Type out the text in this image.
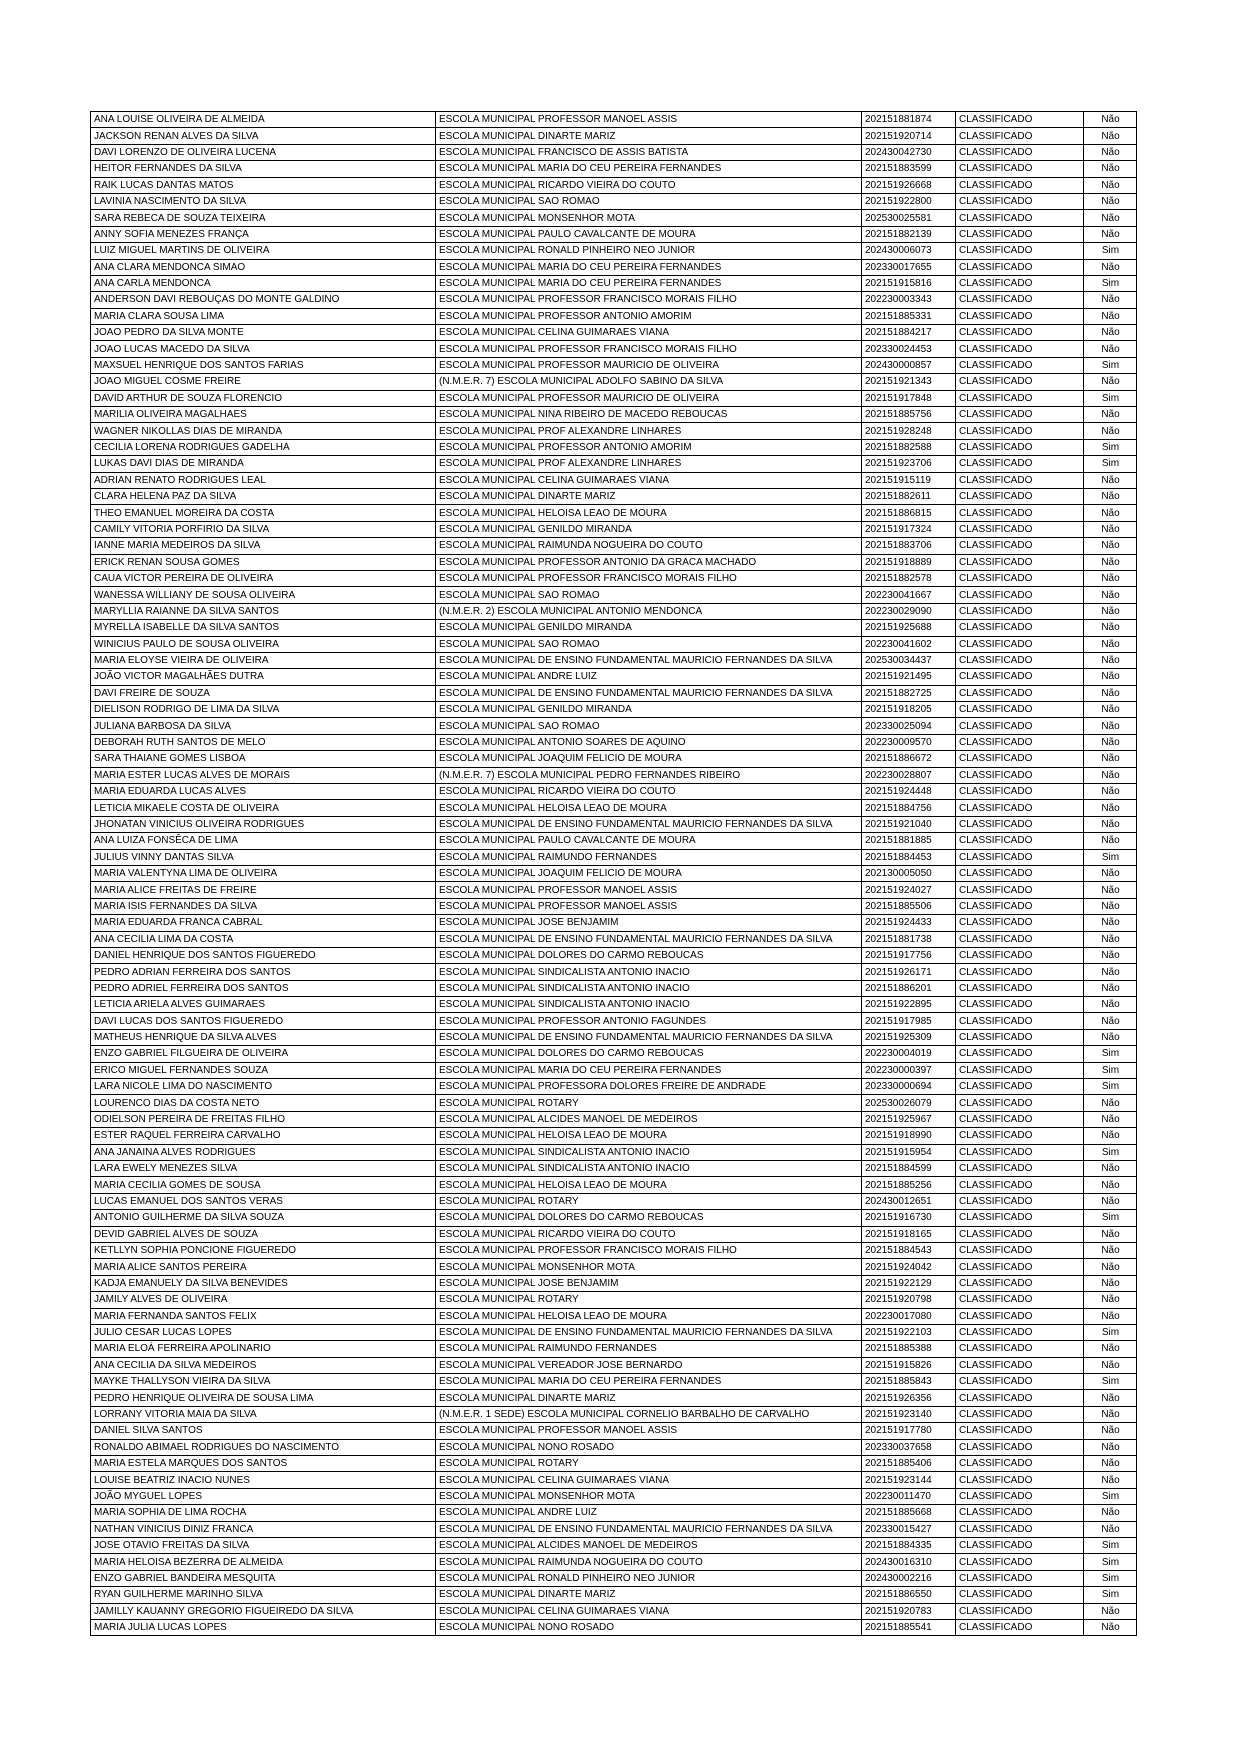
ANA LOUISE OLIVEIRA DE ALMEIDA	ESCOLA MUNICIPAL PROFESSOR MANOEL ASSIS	202151881874	CLASSIFICADO	Não
JACKSON RENAN ALVES DA SILVA	ESCOLA MUNICIPAL DINARTE MARIZ	202151920714	CLASSIFICADO	Não
DAVI LORENZO DE OLIVEIRA LUCENA	ESCOLA MUNICIPAL FRANCISCO DE ASSIS BATISTA	202430042730	CLASSIFICADO	Não
HEITOR FERNANDES DA SILVA	ESCOLA MUNICIPAL MARIA DO CEU PEREIRA FERNANDES	202151883599	CLASSIFICADO	Não
RAIK LUCAS DANTAS MATOS	ESCOLA MUNICIPAL RICARDO VIEIRA DO COUTO	202151926668	CLASSIFICADO	Não
LAVINIA NASCIMENTO DA SILVA	ESCOLA MUNICIPAL SAO ROMAO	202151922800	CLASSIFICADO	Não
SARA REBECA DE SOUZA TEIXEIRA	ESCOLA MUNICIPAL MONSENHOR MOTA	202530025581	CLASSIFICADO	Não
ANNY SOFIA MENEZES FRANÇA	ESCOLA MUNICIPAL PAULO CAVALCANTE DE MOURA	202151882139	CLASSIFICADO	Não
LUIZ MIGUEL MARTINS DE OLIVEIRA	ESCOLA MUNICIPAL RONALD PINHEIRO NEO JUNIOR	202430006073	CLASSIFICADO	Sim
ANA CLARA MENDONCA SIMAO	ESCOLA MUNICIPAL MARIA DO CEU PEREIRA FERNANDES	202330017655	CLASSIFICADO	Não
ANA CARLA MENDONCA	ESCOLA MUNICIPAL MARIA DO CEU PEREIRA FERNANDES	202151915816	CLASSIFICADO	Sim
ANDERSON DAVI REBOUÇAS DO MONTE GALDINO	ESCOLA MUNICIPAL PROFESSOR FRANCISCO MORAIS FILHO	202230003343	CLASSIFICADO	Não
MARIA CLARA SOUSA LIMA	ESCOLA MUNICIPAL PROFESSOR ANTONIO AMORIM	202151885331	CLASSIFICADO	Não
JOAO PEDRO DA SILVA MONTE	ESCOLA MUNICIPAL CELINA GUIMARAES VIANA	202151884217	CLASSIFICADO	Não
JOAO LUCAS MACEDO DA SILVA	ESCOLA MUNICIPAL PROFESSOR FRANCISCO MORAIS FILHO	202330024453	CLASSIFICADO	Não
MAXSUEL HENRIQUE DOS SANTOS FARIAS	ESCOLA MUNICIPAL PROFESSOR MAURICIO DE OLIVEIRA	202430000857	CLASSIFICADO	Sim
JOAO MIGUEL COSME FREIRE	(N.M.E.R. 7) ESCOLA MUNICIPAL ADOLFO SABINO DA SILVA	202151921343	CLASSIFICADO	Não
DAVID ARTHUR DE SOUZA FLORENCIO	ESCOLA MUNICIPAL PROFESSOR MAURICIO DE OLIVEIRA	202151917848	CLASSIFICADO	Sim
MARILIA OLIVEIRA MAGALHAES	ESCOLA MUNICIPAL NINA RIBEIRO DE MACEDO REBOUCAS	202151885756	CLASSIFICADO	Não
WAGNER NIKOLLAS DIAS DE MIRANDA	ESCOLA MUNICIPAL PROF ALEXANDRE LINHARES	202151928248	CLASSIFICADO	Não
CECILIA LORENA RODRIGUES GADELHA	ESCOLA MUNICIPAL PROFESSOR ANTONIO AMORIM	202151882588	CLASSIFICADO	Sim
LUKAS DAVI DIAS DE MIRANDA	ESCOLA MUNICIPAL PROF ALEXANDRE LINHARES	202151923706	CLASSIFICADO	Sim
ADRIAN RENATO RODRIGUES LEAL	ESCOLA MUNICIPAL CELINA GUIMARAES VIANA	202151915119	CLASSIFICADO	Não
CLARA HELENA PAZ DA SILVA	ESCOLA MUNICIPAL DINARTE MARIZ	202151882611	CLASSIFICADO	Não
THEO EMANUEL MOREIRA DA COSTA	ESCOLA MUNICIPAL HELOISA LEAO DE MOURA	202151886815	CLASSIFICADO	Não
CAMILY VITORIA PORFIRIO DA SILVA	ESCOLA MUNICIPAL GENILDO MIRANDA	202151917324	CLASSIFICADO	Não
IANNE MARIA MEDEIROS DA SILVA	ESCOLA MUNICIPAL RAIMUNDA NOGUEIRA DO COUTO	202151883706	CLASSIFICADO	Não
ERICK RENAN SOUSA GOMES	ESCOLA MUNICIPAL PROFESSOR ANTONIO DA GRACA MACHADO	202151918889	CLASSIFICADO	Não
CAUA VICTOR PEREIRA DE OLIVEIRA	ESCOLA MUNICIPAL PROFESSOR FRANCISCO MORAIS FILHO	202151882578	CLASSIFICADO	Não
WANESSA WILLIANY DE SOUSA OLIVEIRA	ESCOLA MUNICIPAL SAO ROMAO	202230041667	CLASSIFICADO	Não
MARYLLIA RAIANNE DA SILVA SANTOS	(N.M.E.R. 2) ESCOLA MUNICIPAL ANTONIO MENDONCA	202230029090	CLASSIFICADO	Não
MYRELLA ISABELLE DA SILVA SANTOS	ESCOLA MUNICIPAL GENILDO MIRANDA	202151925688	CLASSIFICADO	Não
WINICIUS PAULO DE SOUSA OLIVEIRA	ESCOLA MUNICIPAL SAO ROMAO	202230041602	CLASSIFICADO	Não
MARIA ELOYSE VIEIRA DE OLIVEIRA	ESCOLA MUNICIPAL DE ENSINO FUNDAMENTAL MAURICIO FERNANDES DA SILVA	202530034437	CLASSIFICADO	Não
JOÃO VICTOR MAGALHÃES DUTRA	ESCOLA MUNICIPAL ANDRE LUIZ	202151921495	CLASSIFICADO	Não
DAVI FREIRE DE SOUZA	ESCOLA MUNICIPAL DE ENSINO FUNDAMENTAL MAURICIO FERNANDES DA SILVA	202151882725	CLASSIFICADO	Não
DIELISON RODRIGO DE LIMA DA SILVA	ESCOLA MUNICIPAL GENILDO MIRANDA	202151918205	CLASSIFICADO	Não
JULIANA BARBOSA DA SILVA	ESCOLA MUNICIPAL SAO ROMAO	202330025094	CLASSIFICADO	Não
DEBORAH RUTH SANTOS DE MELO	ESCOLA MUNICIPAL ANTONIO SOARES DE AQUINO	202230009570	CLASSIFICADO	Não
SARA THAIANE GOMES LISBOA	ESCOLA MUNICIPAL JOAQUIM FELICIO DE MOURA	202151886672	CLASSIFICADO	Não
MARIA ESTER LUCAS ALVES DE MORAIS	(N.M.E.R. 7) ESCOLA MUNICIPAL PEDRO FERNANDES RIBEIRO	202230028807	CLASSIFICADO	Não
MARIA EDUARDA LUCAS ALVES	ESCOLA MUNICIPAL RICARDO VIEIRA DO COUTO	202151924448	CLASSIFICADO	Não
LETICIA MIKAELE COSTA DE OLIVEIRA	ESCOLA MUNICIPAL HELOISA LEAO DE MOURA	202151884756	CLASSIFICADO	Não
JHONATAN VINICIUS OLIVEIRA RODRIGUES	ESCOLA MUNICIPAL DE ENSINO FUNDAMENTAL MAURICIO FERNANDES DA SILVA	202151921040	CLASSIFICADO	Não
ANA LUIZA FONSÊCA DE LIMA	ESCOLA MUNICIPAL PAULO CAVALCANTE DE MOURA	202151881885	CLASSIFICADO	Não
JULIUS VINNY DANTAS SILVA	ESCOLA MUNICIPAL RAIMUNDO FERNANDES	202151884453	CLASSIFICADO	Sim
MARIA VALENTYNA LIMA DE OLIVEIRA	ESCOLA MUNICIPAL JOAQUIM FELICIO DE MOURA	202130005050	CLASSIFICADO	Não
MARIA ALICE FREITAS DE FREIRE	ESCOLA MUNICIPAL PROFESSOR MANOEL ASSIS	202151924027	CLASSIFICADO	Não
MARIA ISIS FERNANDES DA SILVA	ESCOLA MUNICIPAL PROFESSOR MANOEL ASSIS	202151885506	CLASSIFICADO	Não
MARIA EDUARDA FRANCA CABRAL	ESCOLA MUNICIPAL JOSE BENJAMIM	202151924433	CLASSIFICADO	Não
ANA CECILIA LIMA DA COSTA	ESCOLA MUNICIPAL DE ENSINO FUNDAMENTAL MAURICIO FERNANDES DA SILVA	202151881738	CLASSIFICADO	Não
DANIEL HENRIQUE DOS SANTOS FIGUEREDO	ESCOLA MUNICIPAL DOLORES DO CARMO REBOUCAS	202151917756	CLASSIFICADO	Não
PEDRO ADRIAN FERREIRA DOS SANTOS	ESCOLA MUNICIPAL SINDICALISTA ANTONIO INACIO	202151926171	CLASSIFICADO	Não
PEDRO ADRIEL FERREIRA DOS SANTOS	ESCOLA MUNICIPAL SINDICALISTA ANTONIO INACIO	202151886201	CLASSIFICADO	Não
LETICIA ARIELA ALVES GUIMARAES	ESCOLA MUNICIPAL SINDICALISTA ANTONIO INACIO	202151922895	CLASSIFICADO	Não
DAVI LUCAS DOS SANTOS FIGUEREDO	ESCOLA MUNICIPAL PROFESSOR ANTONIO FAGUNDES	202151917985	CLASSIFICADO	Não
MATHEUS HENRIQUE DA SILVA ALVES	ESCOLA MUNICIPAL DE ENSINO FUNDAMENTAL MAURICIO FERNANDES DA SILVA	202151925309	CLASSIFICADO	Não
ENZO GABRIEL FILGUEIRA DE OLIVEIRA	ESCOLA MUNICIPAL DOLORES DO CARMO REBOUCAS	202230004019	CLASSIFICADO	Sim
ERICO MIGUEL FERNANDES SOUZA	ESCOLA MUNICIPAL MARIA DO CEU PEREIRA FERNANDES	202230000397	CLASSIFICADO	Sim
LARA NICOLE LIMA DO NASCIMENTO	ESCOLA MUNICIPAL PROFESSORA DOLORES FREIRE DE ANDRADE	202330000694	CLASSIFICADO	Sim
LOURENCO DIAS DA COSTA NETO	ESCOLA MUNICIPAL ROTARY	202530026079	CLASSIFICADO	Não
ODIELSON PEREIRA DE FREITAS FILHO	ESCOLA MUNICIPAL ALCIDES MANOEL DE MEDEIROS	202151925967	CLASSIFICADO	Não
ESTER RAQUEL FERREIRA CARVALHO	ESCOLA MUNICIPAL HELOISA LEAO DE MOURA	202151918990	CLASSIFICADO	Não
ANA JANAINA ALVES RODRIGUES	ESCOLA MUNICIPAL SINDICALISTA ANTONIO INACIO	202151915954	CLASSIFICADO	Sim
LARA EWELY MENEZES SILVA	ESCOLA MUNICIPAL SINDICALISTA ANTONIO INACIO	202151884599	CLASSIFICADO	Não
MARIA CECILIA GOMES DE SOUSA	ESCOLA MUNICIPAL HELOISA LEAO DE MOURA	202151885256	CLASSIFICADO	Não
LUCAS EMANUEL DOS SANTOS VERAS	ESCOLA MUNICIPAL ROTARY	202430012651	CLASSIFICADO	Não
ANTONIO GUILHERME DA SILVA SOUZA	ESCOLA MUNICIPAL DOLORES DO CARMO REBOUCAS	202151916730	CLASSIFICADO	Sim
DEVID GABRIEL ALVES DE SOUZA	ESCOLA MUNICIPAL RICARDO VIEIRA DO COUTO	202151918165	CLASSIFICADO	Não
KETLLYN SOPHIA PONCIONE FIGUEREDO	ESCOLA MUNICIPAL PROFESSOR FRANCISCO MORAIS FILHO	202151884543	CLASSIFICADO	Não
MARIA ALICE SANTOS PEREIRA	ESCOLA MUNICIPAL MONSENHOR MOTA	202151924042	CLASSIFICADO	Não
KADJA EMANUELY DA SILVA BENEVIDES	ESCOLA MUNICIPAL JOSE BENJAMIM	202151922129	CLASSIFICADO	Não
JAMILY ALVES DE OLIVEIRA	ESCOLA MUNICIPAL ROTARY	202151920798	CLASSIFICADO	Não
MARIA FERNANDA SANTOS FELIX	ESCOLA MUNICIPAL HELOISA LEAO DE MOURA	202230017080	CLASSIFICADO	Não
JULIO CESAR LUCAS LOPES	ESCOLA MUNICIPAL DE ENSINO FUNDAMENTAL MAURICIO FERNANDES DA SILVA	202151922103	CLASSIFICADO	Sim
MARIA ELOÁ FERREIRA APOLINARIO	ESCOLA MUNICIPAL RAIMUNDO FERNANDES	202151885388	CLASSIFICADO	Não
ANA CECILIA DA SILVA MEDEIROS	ESCOLA MUNICIPAL VEREADOR JOSE BERNARDO	202151915826	CLASSIFICADO	Não
MAYKE THALLYSON VIEIRA DA SILVA	ESCOLA MUNICIPAL MARIA DO CEU PEREIRA FERNANDES	202151885843	CLASSIFICADO	Sim
PEDRO HENRIQUE OLIVEIRA DE SOUSA LIMA	ESCOLA MUNICIPAL DINARTE MARIZ	202151926356	CLASSIFICADO	Não
LORRANY VITORIA MAIA DA SILVA	(N.M.E.R. 1 SEDE) ESCOLA MUNICIPAL CORNELIO BARBALHO DE CARVALHO	202151923140	CLASSIFICADO	Não
DANIEL SILVA SANTOS	ESCOLA MUNICIPAL PROFESSOR MANOEL ASSIS	202151917780	CLASSIFICADO	Não
RONALDO ABIMAEL RODRIGUES DO NASCIMENTO	ESCOLA MUNICIPAL NONO ROSADO	202330037658	CLASSIFICADO	Não
MARIA ESTELA MARQUES DOS SANTOS	ESCOLA MUNICIPAL ROTARY	202151885406	CLASSIFICADO	Não
LOUISE BEATRIZ INACIO NUNES	ESCOLA MUNICIPAL CELINA GUIMARAES VIANA	202151923144	CLASSIFICADO	Não
JOÃO MYGUEL LOPES	ESCOLA MUNICIPAL MONSENHOR MOTA	202230011470	CLASSIFICADO	Sim
MARIA SOPHIA DE LIMA ROCHA	ESCOLA MUNICIPAL ANDRE LUIZ	202151885668	CLASSIFICADO	Não
NATHAN VINICIUS DINIZ FRANCA	ESCOLA MUNICIPAL DE ENSINO FUNDAMENTAL MAURICIO FERNANDES DA SILVA	202330015427	CLASSIFICADO	Não
JOSE OTAVIO FREITAS DA SILVA	ESCOLA MUNICIPAL ALCIDES MANOEL DE MEDEIROS	202151884335	CLASSIFICADO	Sim
MARIA HELOISA BEZERRA DE ALMEIDA	ESCOLA MUNICIPAL RAIMUNDA NOGUEIRA DO COUTO	202430016310	CLASSIFICADO	Sim
ENZO GABRIEL BANDEIRA MESQUITA	ESCOLA MUNICIPAL RONALD PINHEIRO NEO JUNIOR	202430002216	CLASSIFICADO	Sim
RYAN GUILHERME MARINHO SILVA	ESCOLA MUNICIPAL DINARTE MARIZ	202151886550	CLASSIFICADO	Sim
JAMILLY KAUANNY GREGORIO FIGUEIREDO DA SILVA	ESCOLA MUNICIPAL CELINA GUIMARAES VIANA	202151920783	CLASSIFICADO	Não
MARIA JULIA LUCAS LOPES	ESCOLA MUNICIPAL NONO ROSADO	202151885541	CLASSIFICADO	Não
